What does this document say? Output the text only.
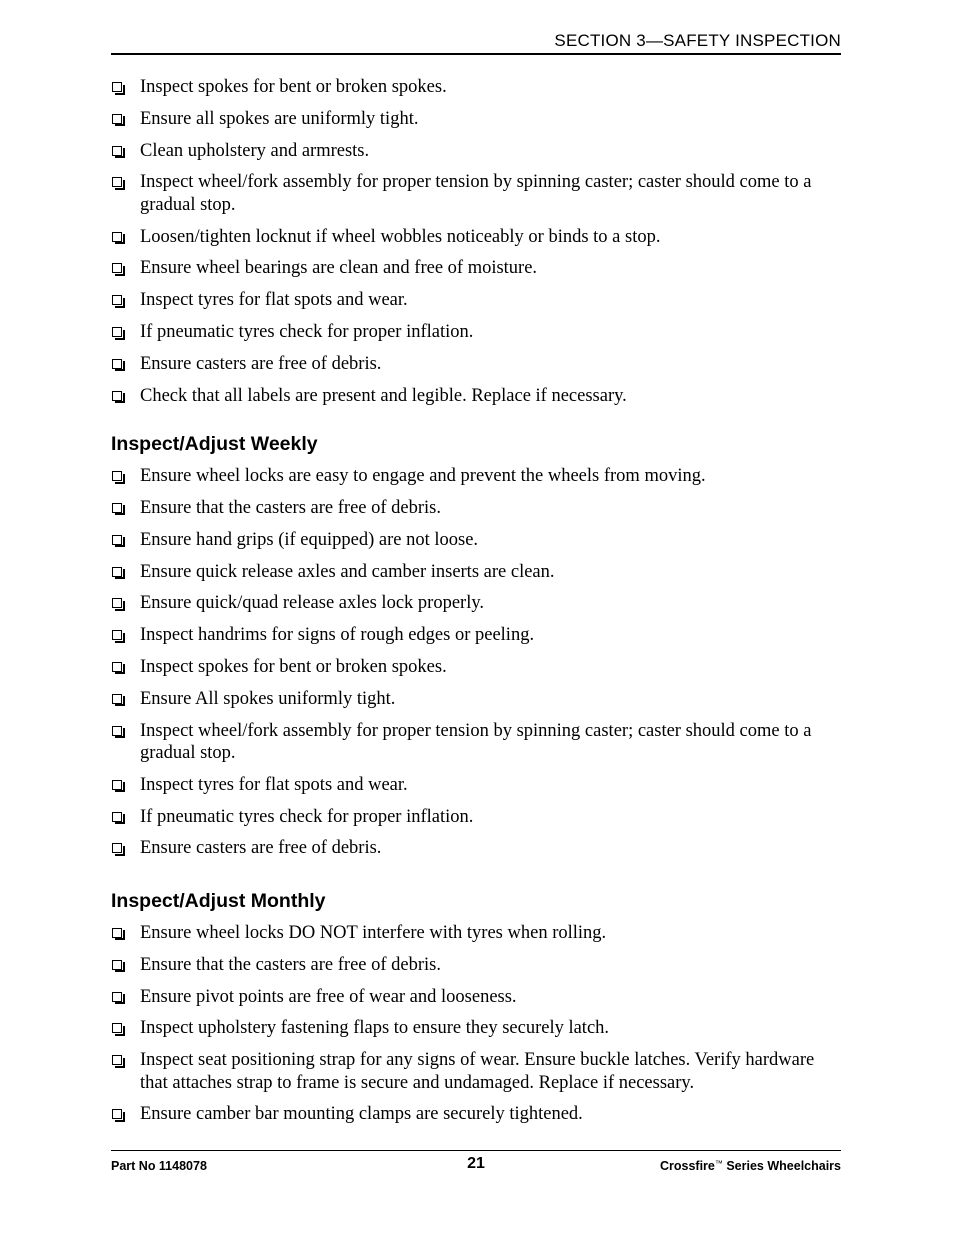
SECTION 3—SAFETY INSPECTION
Inspect spokes for bent or broken spokes.
Ensure all spokes are uniformly tight.
Clean upholstery and armrests.
Inspect wheel/fork assembly for proper tension by spinning caster; caster should come to a gradual stop.
Loosen/tighten locknut if wheel wobbles noticeably or binds to a stop.
Ensure wheel bearings are clean and free of moisture.
Inspect tyres for flat spots and wear.
If pneumatic tyres check for proper inflation.
Ensure casters are free of debris.
Check that all labels are present and legible. Replace if necessary.
Inspect/Adjust Weekly
Ensure wheel locks are easy to engage and prevent the wheels from moving.
Ensure that the casters are free of debris.
Ensure hand grips (if equipped) are not loose.
Ensure quick release axles and camber inserts are clean.
Ensure quick/quad release axles lock properly.
Inspect handrims for signs of rough edges or peeling.
Inspect spokes for bent or broken spokes.
Ensure All spokes uniformly tight.
Inspect wheel/fork assembly for proper tension by spinning caster; caster should come to a gradual stop.
Inspect tyres for flat spots and wear.
If pneumatic tyres check for proper inflation.
Ensure casters are free of debris.
Inspect/Adjust Monthly
Ensure wheel locks DO NOT interfere with tyres when rolling.
Ensure that the casters are free of debris.
Ensure pivot points are free of wear and looseness.
Inspect upholstery fastening flaps to ensure they securely latch.
Inspect seat positioning strap for any signs of wear. Ensure buckle latches. Verify hardware that attaches strap to frame is secure and undamaged. Replace if necessary.
Ensure camber bar mounting clamps are securely tightened.
Part No 1148078	21	Crossfire™ Series Wheelchairs
